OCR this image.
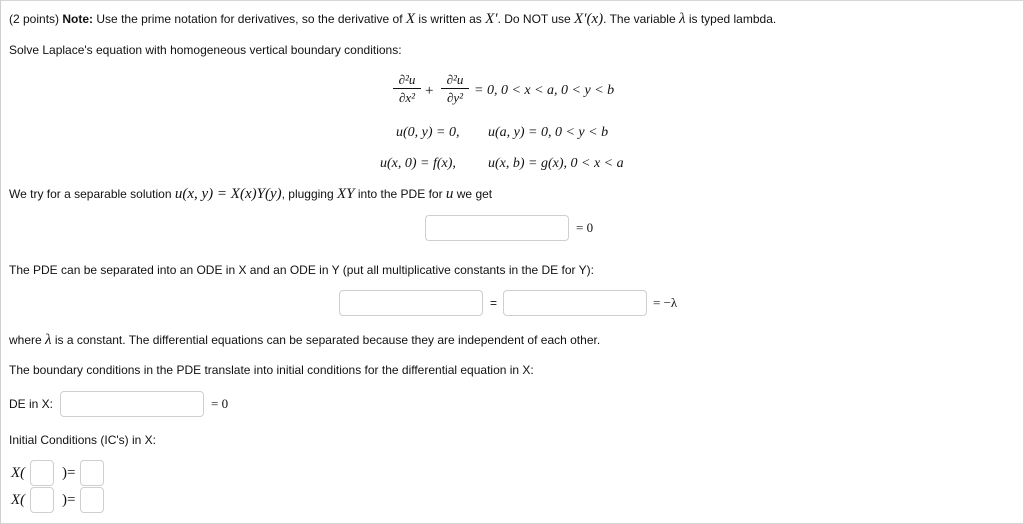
(2 points) Note: Use the prime notation for derivatives, so the derivative of X is written as X′. Do NOT use X′(x). The variable λ is typed lambda.
Solve Laplace's equation with homogeneous vertical boundary conditions:
∂²u
∂x² +
∂²u
∂y² = 0, 0 < x < a, 0 < y < b
u(0, y) = 0, u(a, y) = 0, 0 < y < b
u(x, 0) = f(x), u(x, b) = g(x), 0 < x < a
We try for a separable solution u(x, y) = X(x)Y(y), plugging XY into the PDE for u we get
= 0
The PDE can be separated into an ODE in X and an ODE in Y (put all multiplicative constants in the DE for Y):
=	= −λ
where λ is a constant. The differential equations can be separated because they are independent of each other.
The boundary conditions in the PDE translate into initial conditions for the differential equation in X:
DE in X:	= 0
Initial Conditions (IC's) in X:
X( )=
X( )=
